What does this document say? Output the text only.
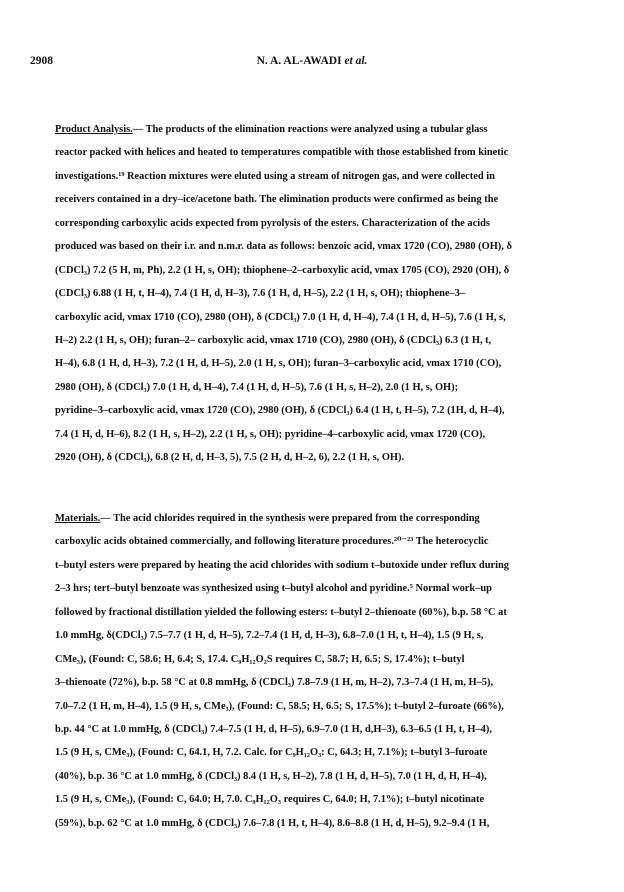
2908	N. A. AL-AWADI et al.
Product Analysis.— The products of the elimination reactions were analyzed using a tubular glass
reactor packed with helices and heated to temperatures compatible with those established from kinetic
investigations.¹⁹ Reaction mixtures were eluted using a stream of nitrogen gas, and were collected in
receivers contained in a dry–ice/acetone bath. The elimination products were confirmed as being the
corresponding carboxylic acids expected from pyrolysis of the esters. Characterization of the acids
produced was based on their i.r. and n.m.r. data as follows: benzoic acid, νmax 1720 (CO), 2980 (OH), δ
(CDCl₃) 7.2 (5 H, m, Ph), 2.2 (1 H, s, OH); thiophene–2–carboxylic acid, νmax 1705 (CO), 2920 (OH), δ
(CDCl₃) 6.88 (1 H, t, H–4), 7.4 (1 H, d, H–3), 7.6 (1 H, d, H–5), 2.2 (1 H, s, OH); thiophene–3–
carboxylic acid, νmax 1710 (CO), 2980 (OH), δ (CDCl₃) 7.0 (1 H, d, H–4), 7.4 (1 H, d, H–5), 7.6 (1 H, s,
H–2) 2.2 (1 H, s, OH); furan–2– carboxylic acid, νmax 1710 (CO), 2980 (OH), δ (CDCl₃) 6.3 (1 H, t,
H–4), 6.8 (1 H, d, H–3), 7.2 (1 H, d, H–5), 2.0 (1 H, s, OH); furan–3–carboxylic acid, νmax 1710 (CO),
2980 (OH), δ (CDCl₃) 7.0 (1 H, d, H–4), 7.4 (1 H, d, H–5), 7.6 (1 H, s, H–2), 2.0 (1 H, s, OH);
pyridine–3–carboxylic acid, νmax 1720 (CO), 2980 (OH), δ (CDCl₃) 6.4 (1 H, t, H–5), 7.2 (1H, d, H–4),
7.4 (1 H, d, H–6), 8.2 (1 H, s, H–2), 2.2 (1 H, s, OH); pyridine–4–carboxylic acid, νmax 1720 (CO),
2920 (OH), δ (CDCl₃), 6.8 (2 H, d, H–3, 5), 7.5 (2 H, d, H–2, 6), 2.2 (1 H, s, OH).
Materials.— The acid chlorides required in the synthesis were prepared from the corresponding
carboxylic acids obtained commercially, and following literature procedures.²⁰⁻²³ The heterocyclic
t–butyl esters were prepared by heating the acid chlorides with sodium t–butoxide under reflux during
2–3 hrs; tert–butyl benzoate was synthesized using t–butyl alcohol and pyridine.⁵ Normal work–up
followed by fractional distillation yielded the following esters: t–butyl 2–thienoate (60%), b.p. 58 °C at
1.0 mmHg, δ(CDCl₃) 7.5–7.7 (1 H, d, H–5), 7.2–7.4 (1 H, d, H–3), 6.8–7.0 (1 H, t, H–4), 1.5 (9 H, s,
CMe₃), (Found: C, 58.6; H, 6.4; S, 17.4. C₉H₁₂O₂S requires C, 58.7; H, 6.5; S, 17.4%); t–butyl
3–thienoate (72%), b.p. 58 °C at 0.8 mmHg, δ (CDCl₃) 7.8–7.9 (1 H, m, H–2), 7.3–7.4 (1 H, m, H–5),
7.0–7.2 (1 H, m, H–4), 1.5 (9 H, s, CMe₃), (Found: C, 58.5; H, 6.5; S, 17.5%); t–butyl 2–furoate (66%),
b.p. 44 °C at 1.0 mmHg, δ (CDCl₃) 7.4–7.5 (1 H, d, H–5), 6.9–7.0 (1 H, d,H–3), 6.3–6.5 (1 H, t, H–4),
1.5 (9 H, s, CMe₃), (Found: C, 64.1, H, 7.2. Calc. for C₉H₁₂O₃: C, 64.3; H, 7.1%); t–butyl 3–furoate
(40%), b.p. 36 °C at 1.0 mmHg, δ (CDCl₃) 8.4 (1 H, s, H–2), 7.8 (1 H, d, H–5), 7.0 (1 H, d, H, H–4),
1.5 (9 H, s, CMe₃), (Found: C, 64.0; H, 7.0. C₉H₁₂O₃ requires C, 64.0; H, 7.1%); t–butyl nicotinate
(59%), b.p. 62 °C at 1.0 mmHg, δ (CDCl₃) 7.6–7.8 (1 H, t, H–4), 8.6–8.8 (1 H, d, H–5), 9.2–9.4 (1 H,
